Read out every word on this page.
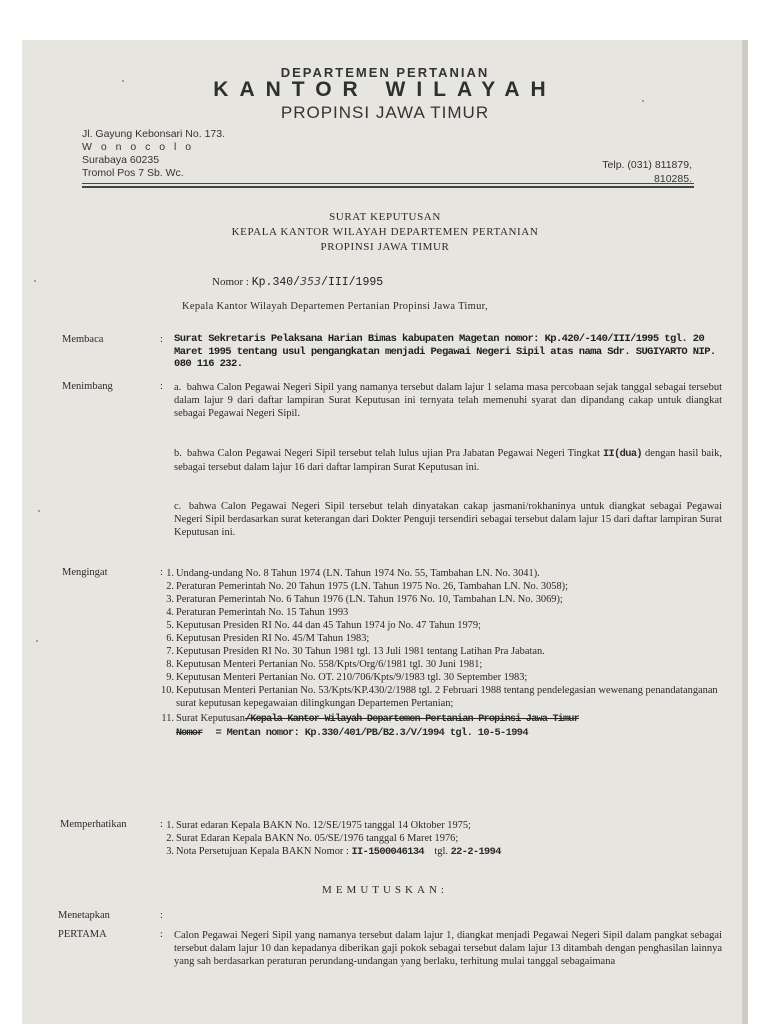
DEPARTEMEN PERTANIAN
KANTOR WILAYAH
PROPINSI JAWA TIMUR
Jl. Gayung Kebonsari No. 173.
W o n o c o l o
Surabaya 60235
Tromol Pos 7 Sb. Wc.
Telp. (031) 811879,
810285.
SURAT KEPUTUSAN
KEPALA KANTOR WILAYAH DEPARTEMEN PERTANIAN
PROPINSI JAWA TIMUR
Nomor : Kp.340/353/III/1995
Kepala Kantor Wilayah Departemen Pertanian Propinsi Jawa Timur,
Membaca	: Surat Sekretaris Pelaksana Harian Bimas kabupaten Magetan nomor: Kp.420/-140/III/1995 tgl. 20 Maret 1995 tentang usul pengangkatan menjadi Pegawai Negeri Sipil atas nama Sdr. SUGIYARTO NIP. 080 116 232.
Menimbang	: a. bahwa Calon Pegawai Negeri Sipil yang namanya tersebut dalam lajur 1 selama masa percobaan sejak tanggal sebagai tersebut dalam lajur 9 dari daftar lampiran Surat Keputusan ini ternyata telah memenuhi syarat dan dipandang cakap untuk diangkat sebagai Pegawai Negeri Sipil.
b. bahwa Calon Pegawai Negeri Sipil tersebut telah lulus ujian Pra Jabatan Pegawai Negeri Tingkat II(dua) dengan hasil baik, sebagai tersebut dalam lajur 16 dari daftar lampiran Surat Keputusan ini.
c. bahwa Calon Pegawai Negeri Sipil tersebut telah dinyatakan cakap jasmani/rokhaninya untuk diangkat sebagai Pegawai Negeri Sipil berdasarkan surat keterangan dari Dokter Penguji tersendiri sebagai tersebut dalam lajur 15 dari daftar lampiran Surat Keputusan ini.
Mengingat	: 1. Undang-undang No. 8 Tahun 1974 (LN. Tahun 1974 No. 55, Tambahan LN. No. 3041).
2. Peraturan Pemerintah No. 20 Tahun 1975 (LN. Tahun 1975 No. 26, Tambahan LN. No. 3058);
3. Peraturan Pemerintah No. 6 Tahun 1976 (LN. Tahun 1976 No. 10, Tambahan LN. No. 3069);
4. Peraturan Pemerintah No. 15 Tahun 1993
5. Keputusan Presiden RI No. 44 dan 45 Tahun 1974 jo No. 47 Tahun 1979;
6. Keputusan Presiden RI No. 45/M Tahun 1983;
7. Keputusan Presiden RI No. 30 Tahun 1981 tgl. 13 Juli 1981 tentang Latihan Pra Jabatan.
8. Keputusan Menteri Pertanian No. 558/Kpts/Org/6/1981 tgl. 30 Juni 1981;
9. Keputusan Menteri Pertanian No. OT. 210/706/Kpts/9/1983 tgl. 30 September 1983;
10. Keputusan Menteri Pertanian No. 53/Kpts/KP.430/2/1988 tgl. 2 Februari 1988 tentang pendelegasian wewenang penandatanganan surat keputusan kepegawaian dilingkungan Departemen Pertanian;
11. Surat Keputusan/Kepala Kantor Wilayah Departemen Pertanian Propinsi Jawa Timur
Nomor = Mentan nomor: Kp.330/401/PB/B2.3/V/1994 tgl. 10-5-1994
Memperhatikan	: 1. Surat edaran Kepala BAKN No. 12/SE/1975 tanggal 14 Oktober 1975;
2. Surat Edaran Kepala BAKN No. 05/SE/1976 tanggal 6 Maret 1976;
3. Nota Persetujuan Kepala BAKN Nomor : II-1500046134 tgl. 22-2-1994
MEMUTUSKAN:
Menetapkan	:
PERTAMA	: Calon Pegawai Negeri Sipil yang namanya tersebut dalam lajur 1, diangkat menjadi Pegawai Negeri Sipil dalam pangkat sebagai tersebut dalam lajur 10 dan kepadanya diberikan gaji pokok sebagai tersebut dalam lajur 13 ditambah dengan penghasilan lainnya yang sah berdasarkan peraturan perundang-undangan yang berlaku, terhitung mulai tanggal sebagaimana
